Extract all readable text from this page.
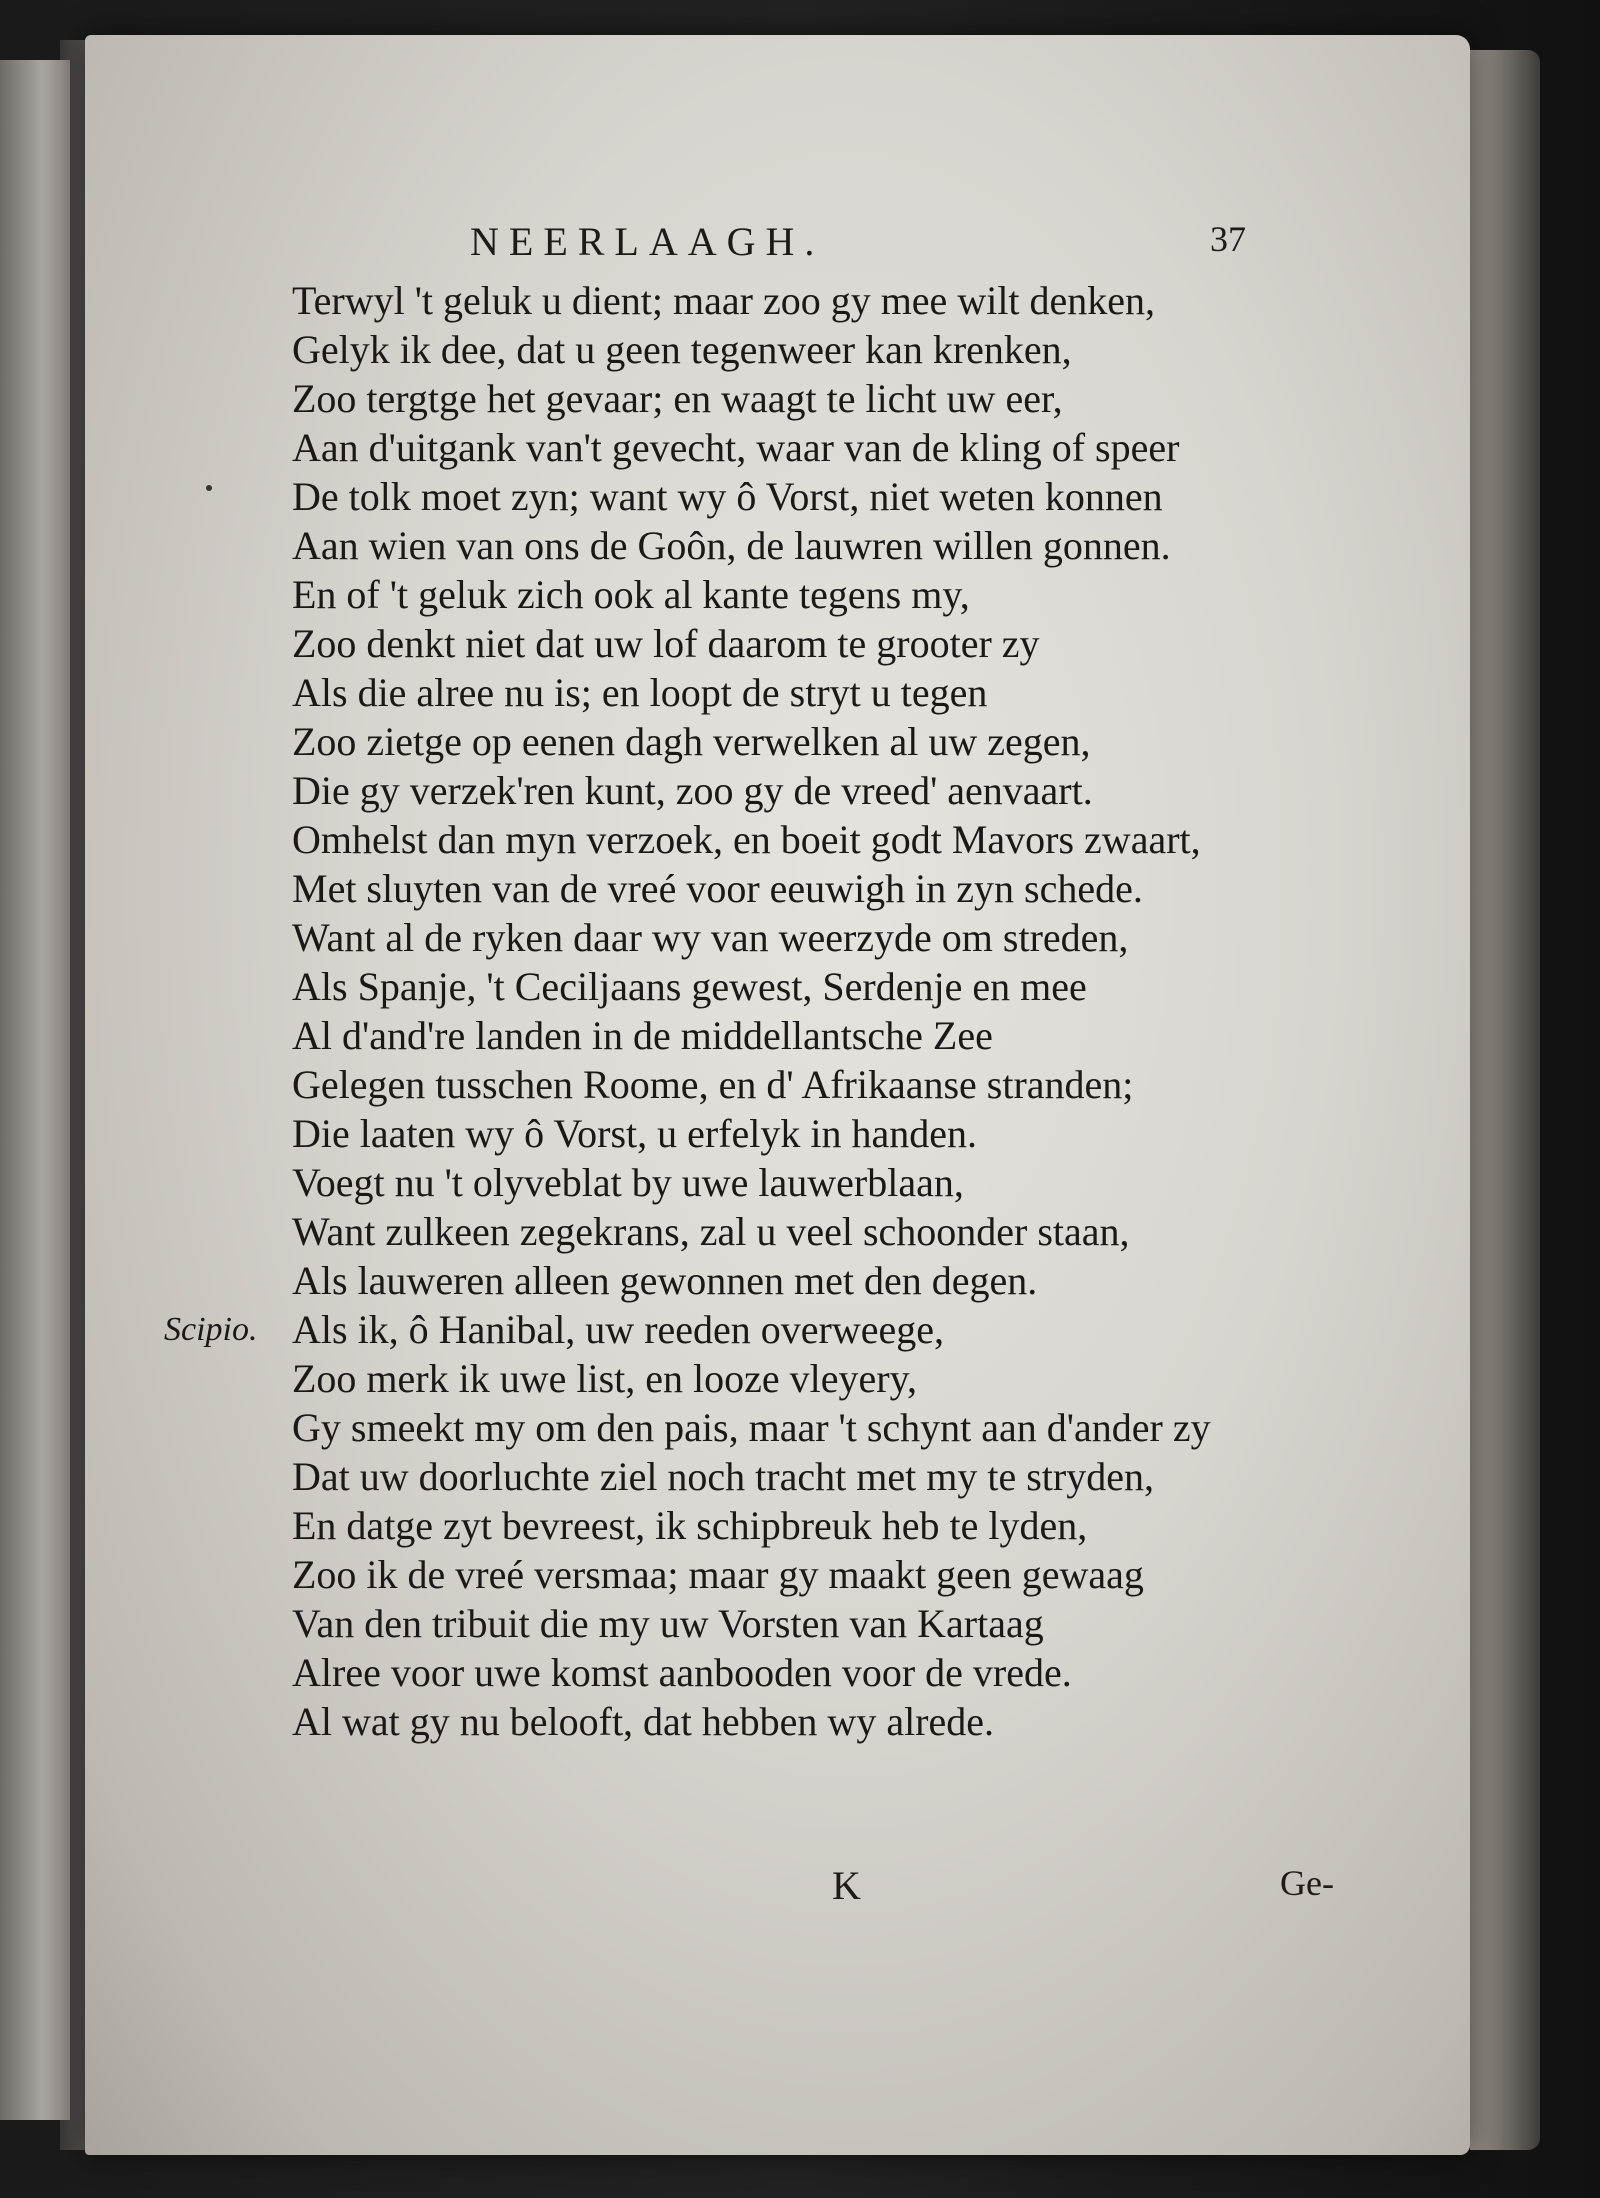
NEERLAAGH.	37
Terwyl 't geluk u dient; maar zoo gy mee wilt denken,
Gelyk ik dee, dat u geen tegenweer kan krenken,
Zoo tergtge het gevaar; en waagt te licht uw eer,
Aan d'uitgank van't gevecht, waar van de kling of speer
De tolk moet zyn; want wy ô Vorst, niet weten konnen
Aan wien van ons de Goôn, de lauwren willen gonnen.
En of 't geluk zich ook al kante tegens my,
Zoo denkt niet dat uw lof daarom te grooter zy
Als die alree nu is; en loopt de stryt u tegen
Zoo zietge op eenen dagh verwelken al uw zegen,
Die gy verzek'ren kunt, zoo gy de vreed' aenvaart.
Omhelst dan myn verzoek, en boeit godt Mavors zwaart,
Met sluyten van de vreé voor eeuwigh in zyn schede.
Want al de ryken daar wy van weerzyde om streden,
Als Spanje, 't Ceciljaans gewest, Serdenje en mee
Al d'and're landen in de middellantsche Zee
Gelegen tusschen Roome, en d' Afrikaanse stranden;
Die laaten wy ô Vorst, u erfelyk in handen.
Voegt nu 't olyveblat by uwe lauwerblaan,
Want zulkeen zegekrans, zal u veel schoonder staan,
Als lauweren alleen gewonnen met den degen.
Scipio. Als ik, ô Hanibal, uw reeden overweege,
Zoo merk ik uwe list, en looze vleyery,
Gy smeekt my om den pais, maar 't schynt aan d'ander zy
Dat uw doorluchte ziel noch tracht met my te stryden,
En datge zyt bevreest, ik schipbreuk heb te lyden,
Zoo ik de vreé versmaa; maar gy maakt geen gewaag
Van den tribuit die my uw Vorsten van Kartaag
Alree voor uwe komst aanbooden voor de vrede.
Al wat gy nu belooft, dat hebben wy alrede.
K	Ge-
